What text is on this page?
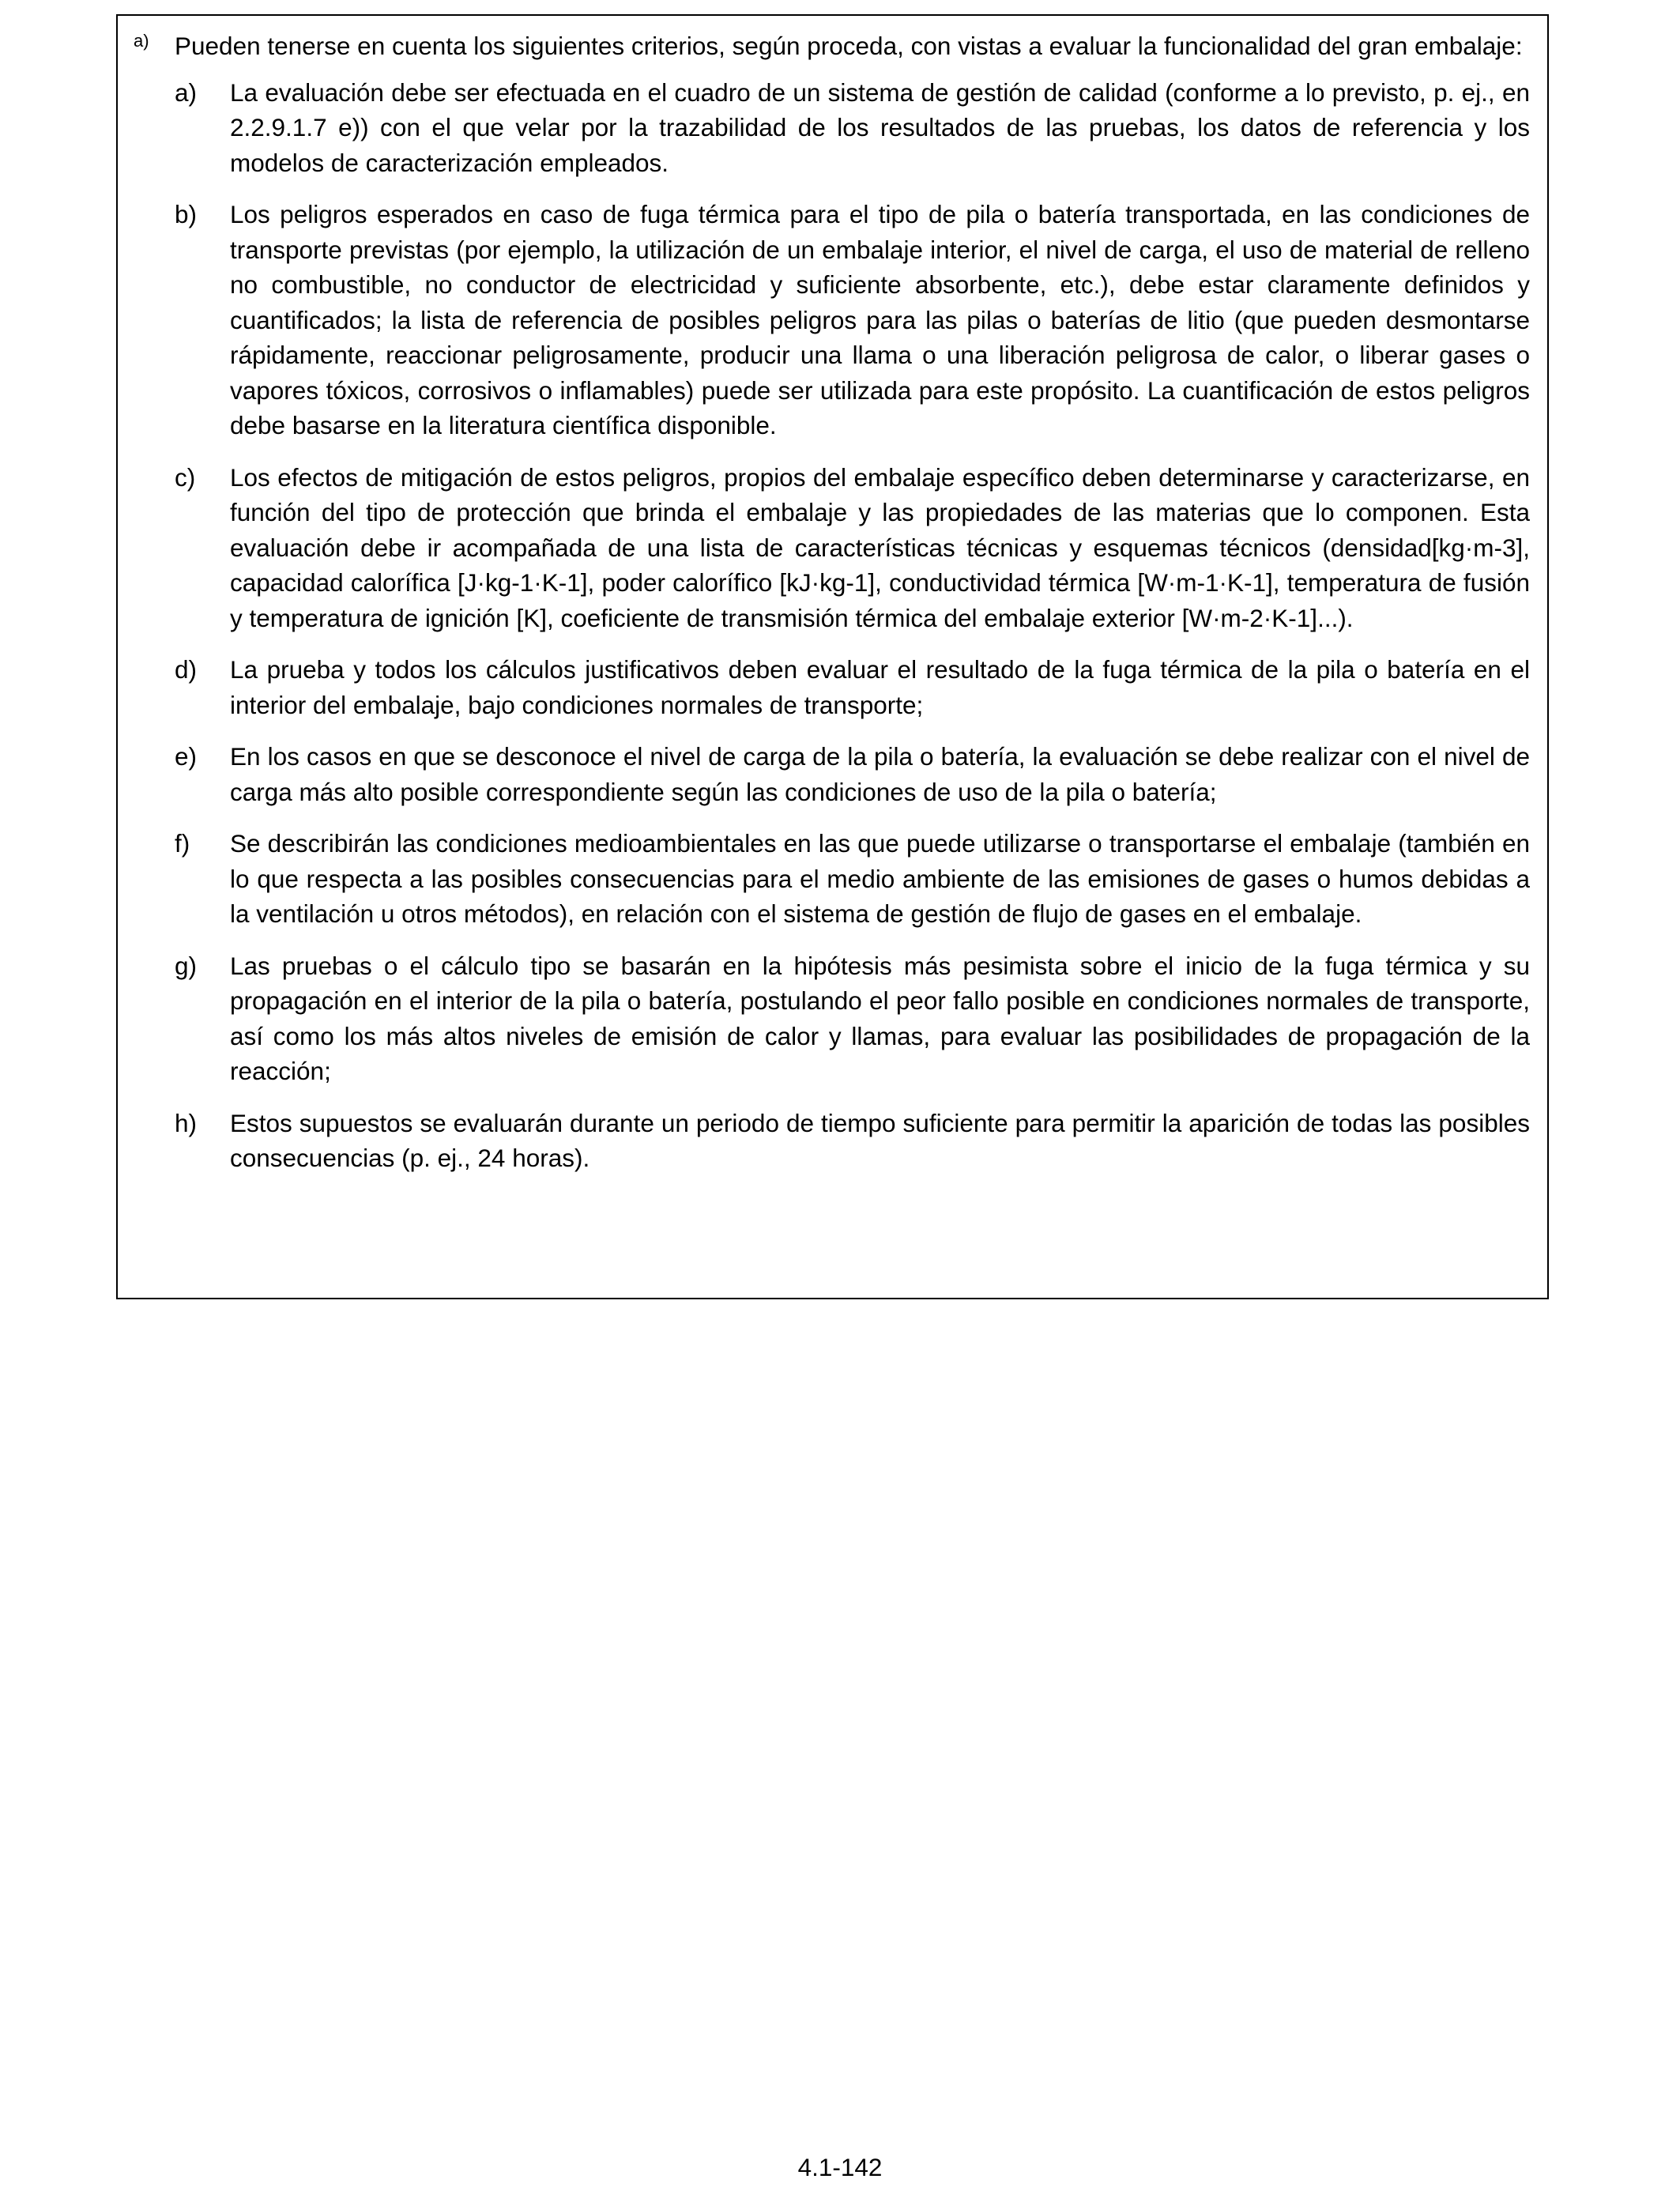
a)	Pueden tenerse en cuenta los siguientes criterios, según proceda, con vistas a evaluar la funcionalidad del gran embalaje:
a)	La evaluación debe ser efectuada en el cuadro de un sistema de gestión de calidad (conforme a lo previsto, p. ej., en 2.2.9.1.7 e)) con el que velar por la trazabilidad de los resultados de las pruebas, los datos de referencia y los modelos de caracterización empleados.
b)	Los peligros esperados en caso de fuga térmica para el tipo de pila o batería transportada, en las condiciones de transporte previstas (por ejemplo, la utilización de un embalaje interior, el nivel de carga, el uso de material de relleno no combustible, no conductor de electricidad y suficiente absorbente, etc.), debe estar claramente definidos y cuantificados; la lista de referencia de posibles peligros para las pilas o baterías de litio (que pueden desmontarse rápidamente, reaccionar peligrosamente, producir una llama o una liberación peligrosa de calor, o liberar gases o vapores tóxicos, corrosivos o inflamables) puede ser utilizada para este propósito. La cuantificación de estos peligros debe basarse en la literatura científica disponible.
c)	Los efectos de mitigación de estos peligros, propios del embalaje específico deben determinarse y caracterizarse, en función del tipo de protección que brinda el embalaje y las propiedades de las materias que lo componen. Esta evaluación debe ir acompañada de una lista de características técnicas y esquemas técnicos (densidad[kg·m-3], capacidad calorífica [J·kg-1·K-1], poder calorífico [kJ·kg-1], conductividad térmica [W·m-1·K-1], temperatura de fusión y temperatura de ignición [K], coeficiente de transmisión térmica del embalaje exterior [W·m-2·K-1]...).
d)	La prueba y todos los cálculos justificativos deben evaluar el resultado de la fuga térmica de la pila o batería en el interior del embalaje, bajo condiciones normales de transporte;
e)	En los casos en que se desconoce el nivel de carga de la pila o batería, la evaluación se debe realizar con el nivel de carga más alto posible correspondiente según las condiciones de uso de la pila o batería;
f)	Se describirán las condiciones medioambientales en las que puede utilizarse o transportarse el embalaje (también en lo que respecta a las posibles consecuencias para el medio ambiente de las emisiones de gases o humos debidas a la ventilación u otros métodos), en relación con el sistema de gestión de flujo de gases en el embalaje.
g)	Las pruebas o el cálculo tipo se basarán en la hipótesis más pesimista sobre el inicio de la fuga térmica y su propagación en el interior de la pila o batería, postulando el peor fallo posible en condiciones normales de transporte, así como los más altos niveles de emisión de calor y llamas, para evaluar las posibilidades de propagación de la reacción;
h)	Estos supuestos se evaluarán durante un periodo de tiempo suficiente para permitir la aparición de todas las posibles consecuencias (p. ej., 24 horas).
4.1-142
